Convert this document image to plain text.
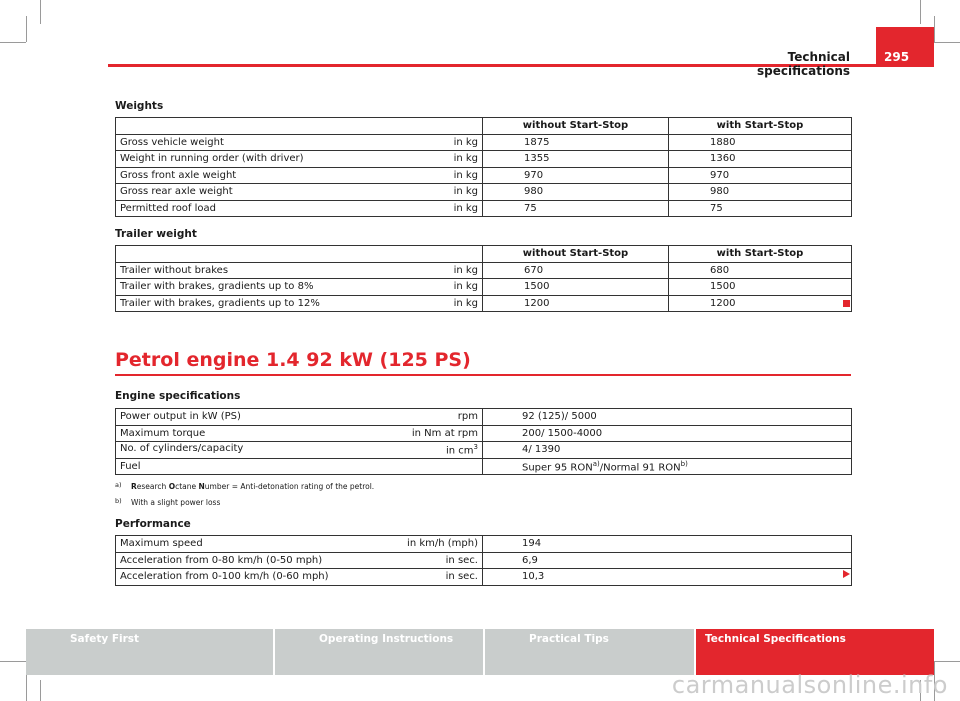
Technical specifications
295
Weights
	without Start-Stop	with Start-Stop
Gross vehicle weight in kg	1875	1880
Weight in running order (with driver) in kg	1355	1360
Gross front axle weight in kg	970	970
Gross rear axle weight in kg	980	980
Permitted roof load in kg	75	75
Trailer weight
	without Start-Stop	with Start-Stop
Trailer without brakes in kg	670	680
Trailer with brakes, gradients up to 8% in kg	1500	1500
Trailer with brakes, gradients up to 12% in kg	1200	1200
Petrol engine 1.4 92 kW (125 PS)
Engine specifications
Power output in kW (PS) rpm	92 (125)/ 5000
Maximum torque in Nm at rpm	200/ 1500-4000
No. of cylinders/capacity in $cm^3$	4/ 1390
Fuel	Super 95 RON$^{a)}$/Normal 91 RON$^{b)}$
a) Research Octane Number = Anti-detonation rating of the petrol.
b) With a slight power loss
Performance
Maximum speed in km/h (mph)	194
Acceleration from 0-80 km/h (0-50 mph) in sec.	6,9
Acceleration from 0-100 km/h (0-60 mph) in sec.	10,3
Safety First	Operating Instructions	Practical Tips	Technical Specifications
carmanualsonline.info
